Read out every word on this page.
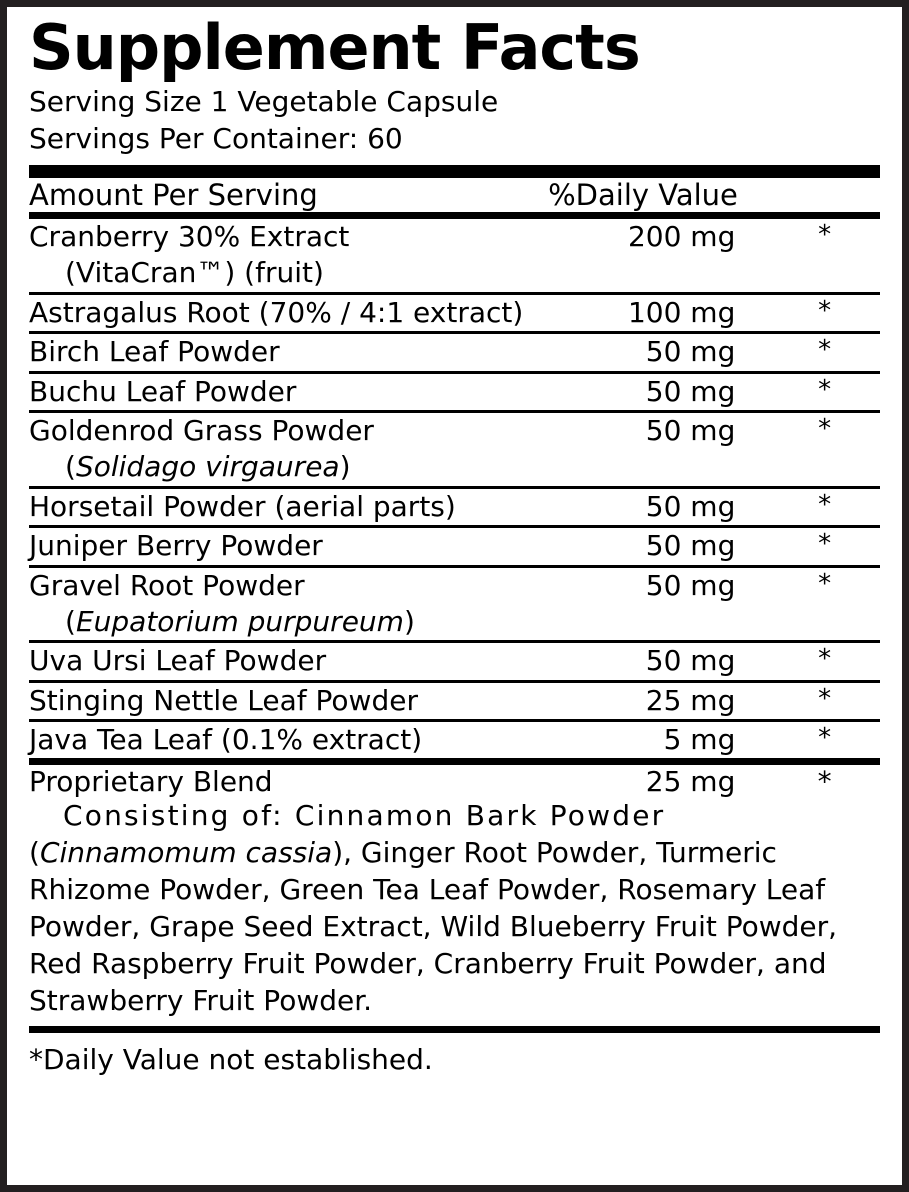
Supplement Facts
Serving Size 1 Vegetable Capsule
Servings Per Container: 60
Amount Per Serving	%Daily Value
Cranberry 30% Extract
(VitaCran™) (fruit)	200 mg	*
Astragalus Root (70% / 4:1 extract)	100 mg	*
Birch Leaf Powder	50 mg	*
Buchu Leaf Powder	50 mg	*
Goldenrod Grass Powder
(Solidago virgaurea)	50 mg	*
Horsetail Powder (aerial parts)	50 mg	*
Juniper Berry Powder	50 mg	*
Gravel Root Powder
(Eupatorium purpureum)	50 mg	*
Uva Ursi Leaf Powder	50 mg	*
Stinging Nettle Leaf Powder	25 mg	*
Java Tea Leaf (0.1% extract)	5 mg	*
Proprietary Blend	25 mg	*
Consisting of: Cinnamon Bark Powder
(Cinnamomum cassia), Ginger Root Powder, Turmeric Rhizome Powder, Green Tea Leaf Powder, Rosemary Leaf Powder, Grape Seed Extract, Wild Blueberry Fruit Powder, Red Raspberry Fruit Powder, Cranberry Fruit Powder, and Strawberry Fruit Powder.
*Daily Value not established.
